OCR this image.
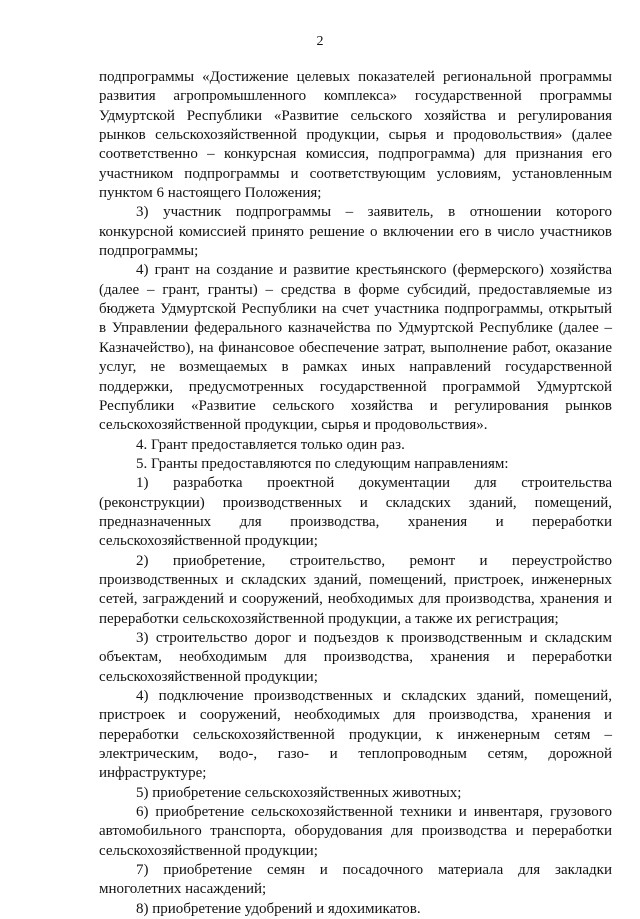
2

подпрограммы «Достижение целевых показателей региональной программы
развития агропромышленного комплекса» государственной программы
Удмуртской Республики «Развитие сельского хозяйства и регулирования
рынков сельскохозяйственной продукции, сырья и продовольствия» (далее
соответственно – конкурсная комиссия, подпрограмма) для признания его
участником подпрограммы и соответствующим условиям, установленным
пунктом 6 настоящего Положения;

3) участник подпрограммы – заявитель, в отношении которого
конкурсной комиссией принято решение о включении его в число участников
подпрограммы;

4) грант на создание и развитие крестьянского (фермерского) хозяйства
(далее – грант, гранты) – средства в форме субсидий, предоставляемые из
бюджета Удмуртской Республики на счет участника подпрограммы, открытый
в Управлении федерального казначейства по Удмуртской Республике (далее –
Казначейство), на финансовое обеспечение затрат, выполнение работ, оказание
услуг, не возмещаемых в рамках иных направлений государственной
поддержки, предусмотренных государственной программой Удмуртской
Республики «Развитие сельского хозяйства и регулирования рынков
сельскохозяйственной продукции, сырья и продовольствия».

4. Грант предоставляется только один раз.

5. Гранты предоставляются по следующим направлениям:

1) разработка проектной документации для строительства
(реконструкции) производственных и складских зданий, помещений,
предназначенных для производства, хранения и переработки
сельскохозяйственной продукции;

2) приобретение, строительство, ремонт и переустройство
производственных и складских зданий, помещений, пристроек, инженерных
сетей, заграждений и сооружений, необходимых для производства, хранения и
переработки сельскохозяйственной продукции, а также их регистрация;

3) строительство дорог и подъездов к производственным и складским
объектам, необходимым для производства, хранения и переработки
сельскохозяйственной продукции;

4) подключение производственных и складских зданий, помещений,
пристроек и сооружений, необходимых для производства, хранения и
переработки сельскохозяйственной продукции, к инженерным сетям –
электрическим, водо-, газо- и теплопроводным сетям, дорожной
инфраструктуре;

5) приобретение сельскохозяйственных животных;

6) приобретение сельскохозяйственной техники и инвентаря, грузового
автомобильного транспорта, оборудования для производства и переработки
сельскохозяйственной продукции;

7) приобретение семян и посадочного материала для закладки
многолетних насаждений;

8) приобретение удобрений и ядохимикатов.
